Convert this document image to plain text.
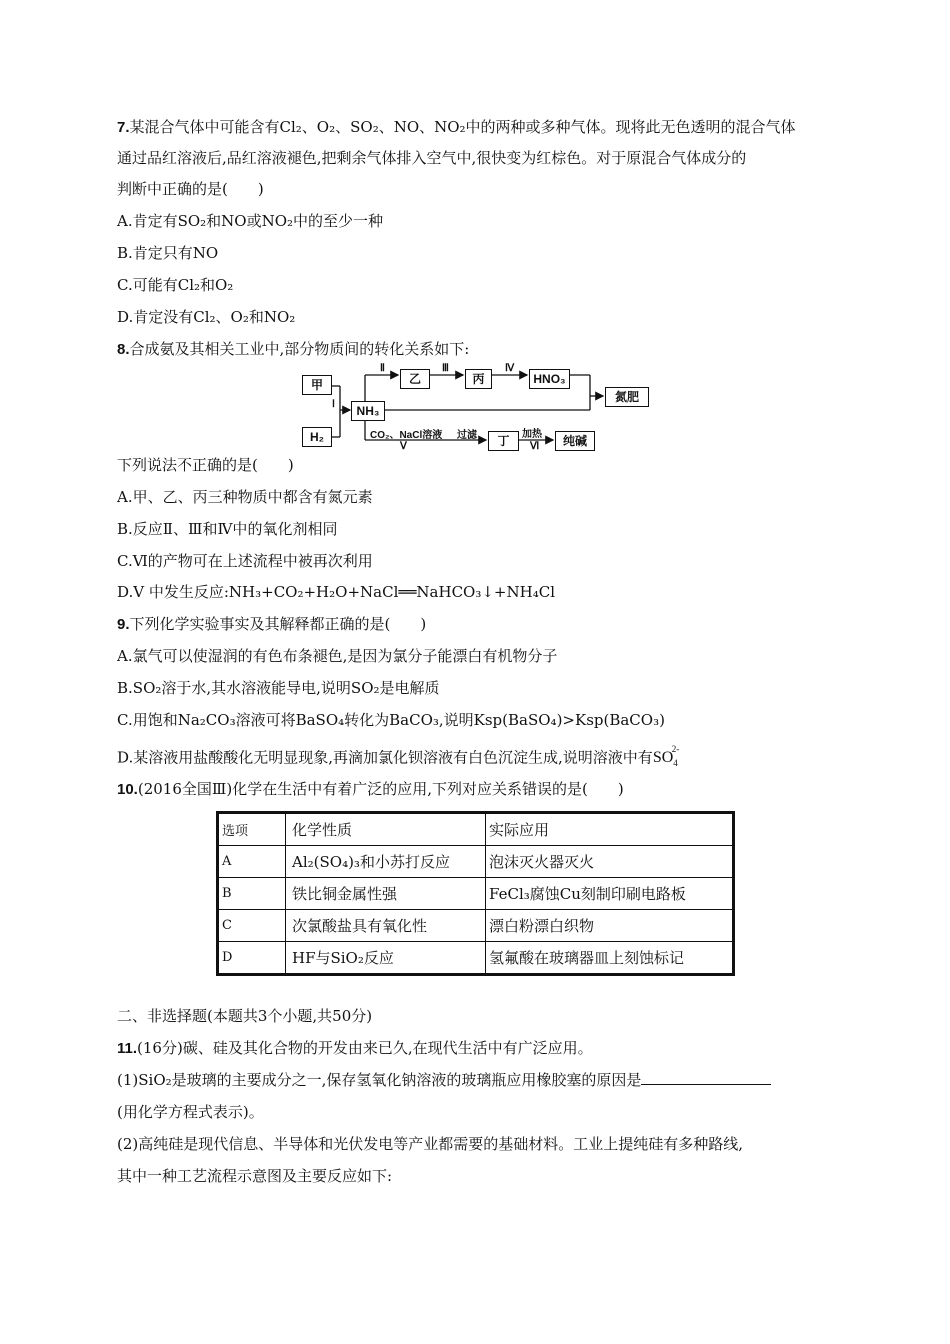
7.某混合气体中可能含有Cl₂、O₂、SO₂、NO、NO₂中的两种或多种气体。现将此无色透明的混合气体
通过品红溶液后,品红溶液褪色,把剩余气体排入空气中,很快变为红棕色。对于原混合气体成分的
判断中正确的是(　　)
A.肯定有SO₂和NO或NO₂中的至少一种
B.肯定只有NO
C.可能有Cl₂和O₂
D.肯定没有Cl₂、O₂和NO₂
8.合成氨及其相关工业中,部分物质间的转化关系如下:
甲
H₂
NH₃
乙	丙	HNO₃
氮肥
丁	纯碱
Ⅰ
Ⅱ	Ⅲ	Ⅳ
CO₂、NaCl溶液
Ⅴ
过滤	加热
Ⅵ
下列说法不正确的是(　　)
A.甲、乙、丙三种物质中都含有氮元素
B.反应Ⅱ、Ⅲ和Ⅳ中的氧化剂相同
C.Ⅵ的产物可在上述流程中被再次利用
D.Ⅴ 中发生反应:NH₃+CO₂+H₂O+NaCl══NaHCO₃↓+NH₄Cl
9.下列化学实验事实及其解释都正确的是(　　)
A.氯气可以使湿润的有色布条褪色,是因为氯分子能漂白有机物分子
B.SO₂溶于水,其水溶液能导电,说明SO₂是电解质
C.用饱和Na₂CO₃溶液可将BaSO₄转化为BaCO₃,说明Ksp(BaSO₄)>Ksp(BaCO₃)
D.某溶液用盐酸酸化无明显现象,再滴加氯化钡溶液有白色沉淀生成,说明溶液中有$SO_4^{2-}$
10.(2016全国Ⅲ)化学在生活中有着广泛的应用,下列对应关系错误的是(　　)
选项	化学性质	实际应用
A	Al₂(SO₄)₃和小苏打反应	泡沫灭火器灭火
B	铁比铜金属性强	FeCl₃腐蚀Cu刻制印刷电路板
C	次氯酸盐具有氧化性	漂白粉漂白织物
D	HF与SiO₂反应	氢氟酸在玻璃器皿上刻蚀标记
二、非选择题(本题共3个小题,共50分)
11.(16分)碳、硅及其化合物的开发由来已久,在现代生活中有广泛应用。
(1)SiO₂是玻璃的主要成分之一,保存氢氧化钠溶液的玻璃瓶应用橡胶塞的原因是
(用化学方程式表示)。
(2)高纯硅是现代信息、半导体和光伏发电等产业都需要的基础材料。工业上提纯硅有多种路线,
其中一种工艺流程示意图及主要反应如下:
